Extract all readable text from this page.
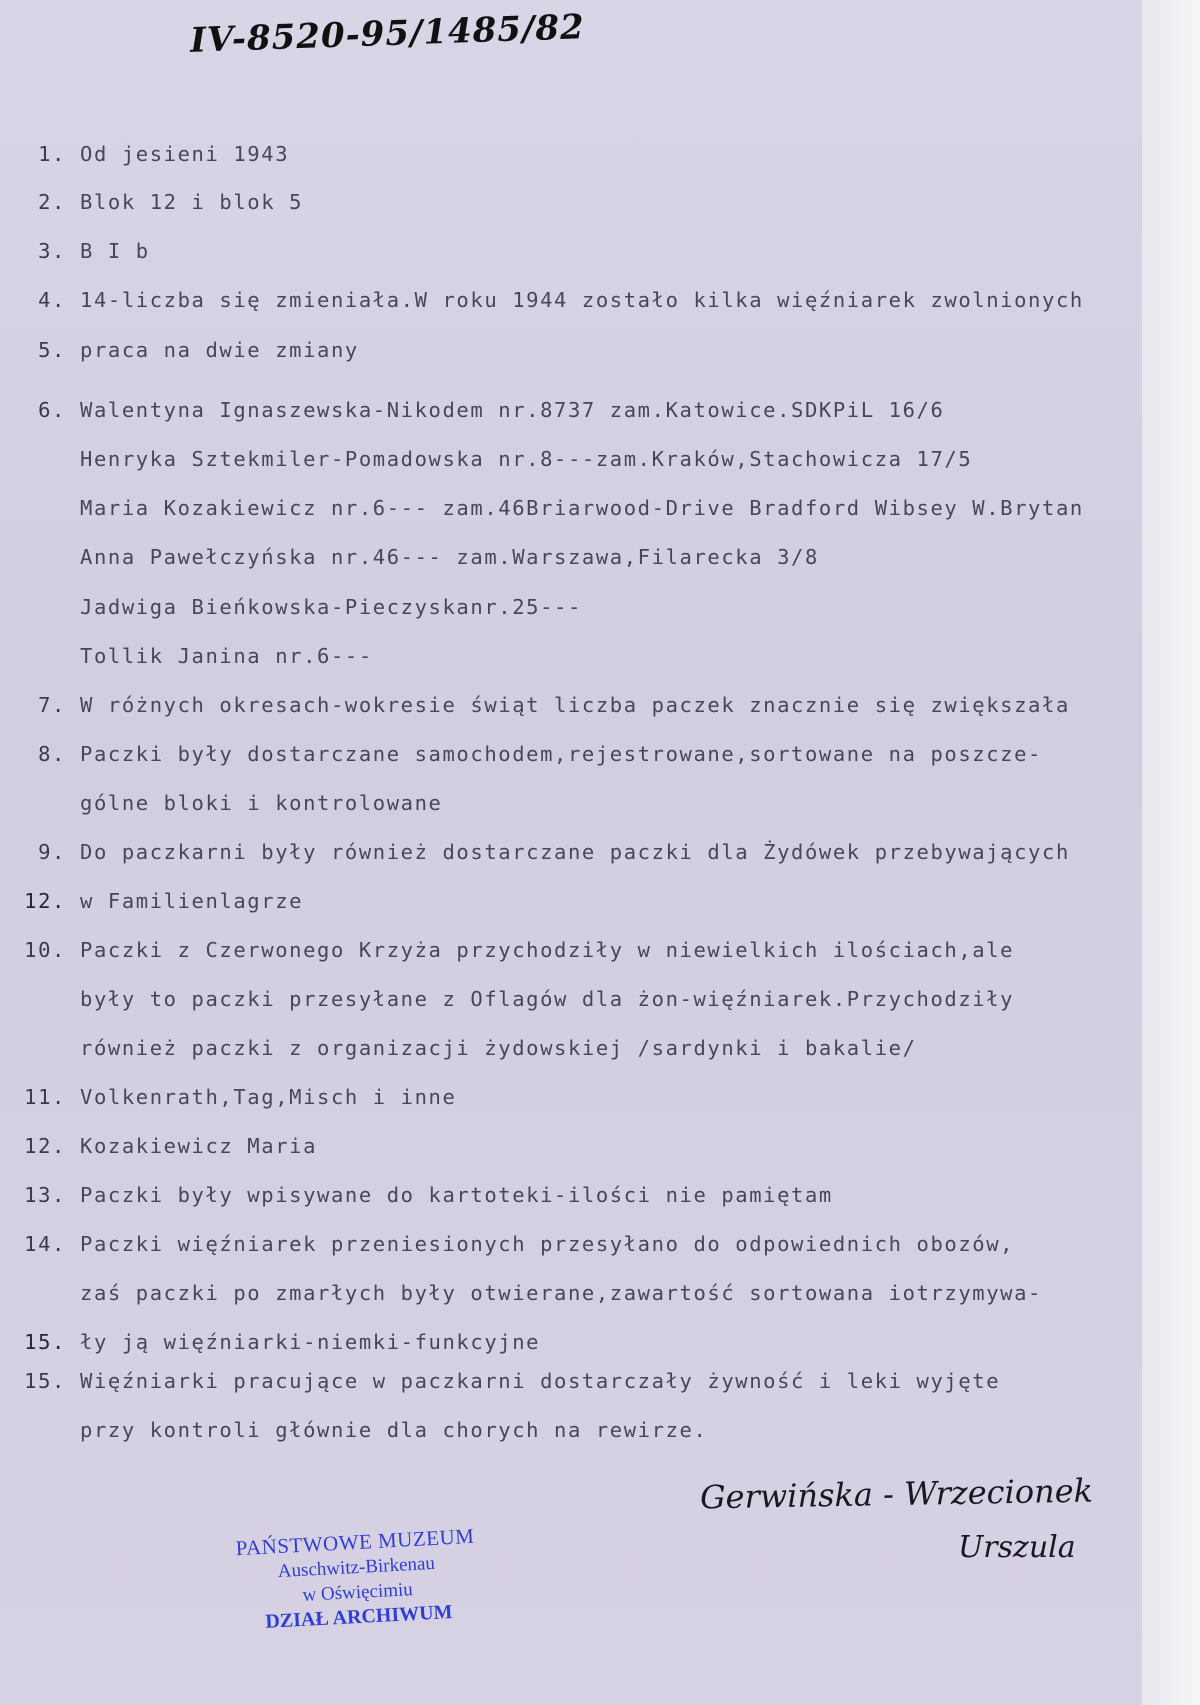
IV-8520-95/1485/82
1. Od jesieni 1943
2. Blok 12 i blok 5
3. B I b
4. 14-liczba się zmieniała.W roku 1944 zostało kilka więźniarek zwolnionych
5. praca na dwie zmiany
6. Walentyna Ignaszewska-Nikodem nr.8737 zam.Katowice.SDKPiL 16/6
Henryka Sztekmiler-Pomadowska nr.8---zam.Kraków,Stachowicza 17/5
Maria Kozakiewicz nr.6--- zam.46Briarwood-Drive Bradford Wibsey W.Brytan
Anna Pawełczyńska nr.46--- zam.Warszawa,Filarecka 3/8
Jadwiga Bieńkowska-Pieczyskanr.25---
Tollik Janina nr.6---
7. W różnych okresach-wokresie świąt liczba paczek znacznie się zwiększała
8. Paczki były dostarczane samochodem,rejestrowane,sortowane na poszcze-
gólne bloki i kontrolowane
9. Do paczkarni były również dostarczane paczki dla Żydówek przebywających
12. w Familienlagrze
10. Paczki z Czerwonego Krzyża przychodziły w niewielkich ilościach,ale
były to paczki przesyłane z Oflagów dla żon-więźniarek.Przychodziły
również paczki z organizacji żydowskiej /sardynki i bakalie/
11. Volkenrath,Tag,Misch i inne
12. Kozakiewicz Maria
13. Paczki były wpisywane do kartoteki-ilości nie pamiętam
14. Paczki więźniarek przeniesionych przesyłano do odpowiednich obozów,
zaś paczki po zmarłych były otwierane,zawartość sortowana iotrzymywa-
15. ły ją więźniarki-niemki-funkcyjne
15. Więźniarki pracujące w paczkarni dostarczały żywność i leki wyjęte
przy kontroli głównie dla chorych na rewirze.
Gerwińska - Wrzecionek
Urszula
PAŃSTWOWE MUZEUM
Auschwitz-Birkenau
w Oświęcimiu
DZIAŁ ARCHIWUM
